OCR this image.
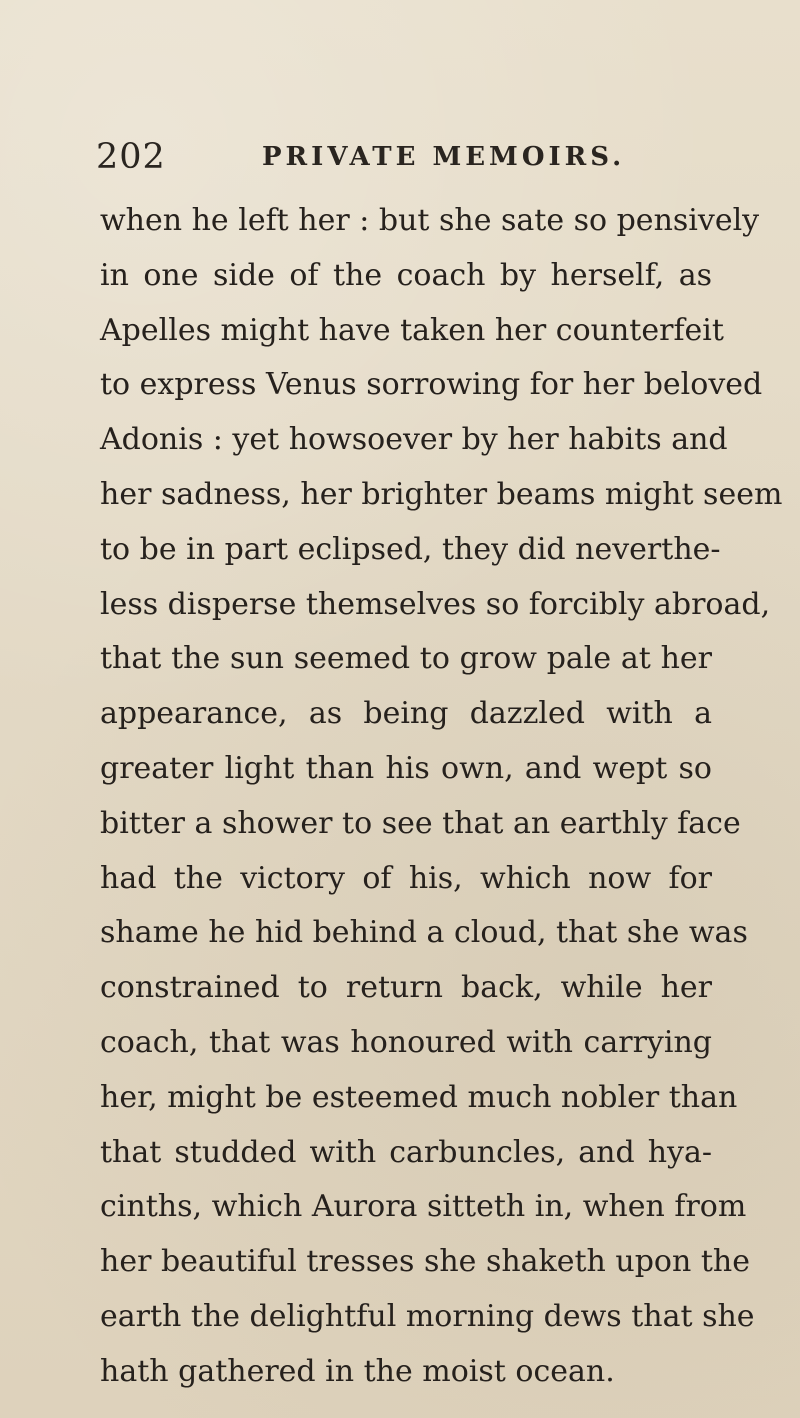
202	PRIVATE MEMOIRS.
when he left her : but she sate so pensively
in one side of the coach by herself, as
Apelles might have taken her counterfeit
to express Venus sorrowing for her beloved
Adonis : yet howsoever by her habits and
her sadness, her brighter beams might seem
to be in part eclipsed, they did neverthe-
less disperse themselves so forcibly abroad,
that the sun seemed to grow pale at her
appearance, as being dazzled with a
greater light than his own, and wept so
bitter a shower to see that an earthly face
had the victory of his, which now for
shame he hid behind a cloud, that she was
constrained to return back, while her
coach, that was honoured with carrying
her, might be esteemed much nobler than
that studded with carbuncles, and hya-
cinths, which Aurora sitteth in, when from
her beautiful tresses she shaketh upon the
earth the delightful morning dews that she
hath gathered in the moist ocean.
